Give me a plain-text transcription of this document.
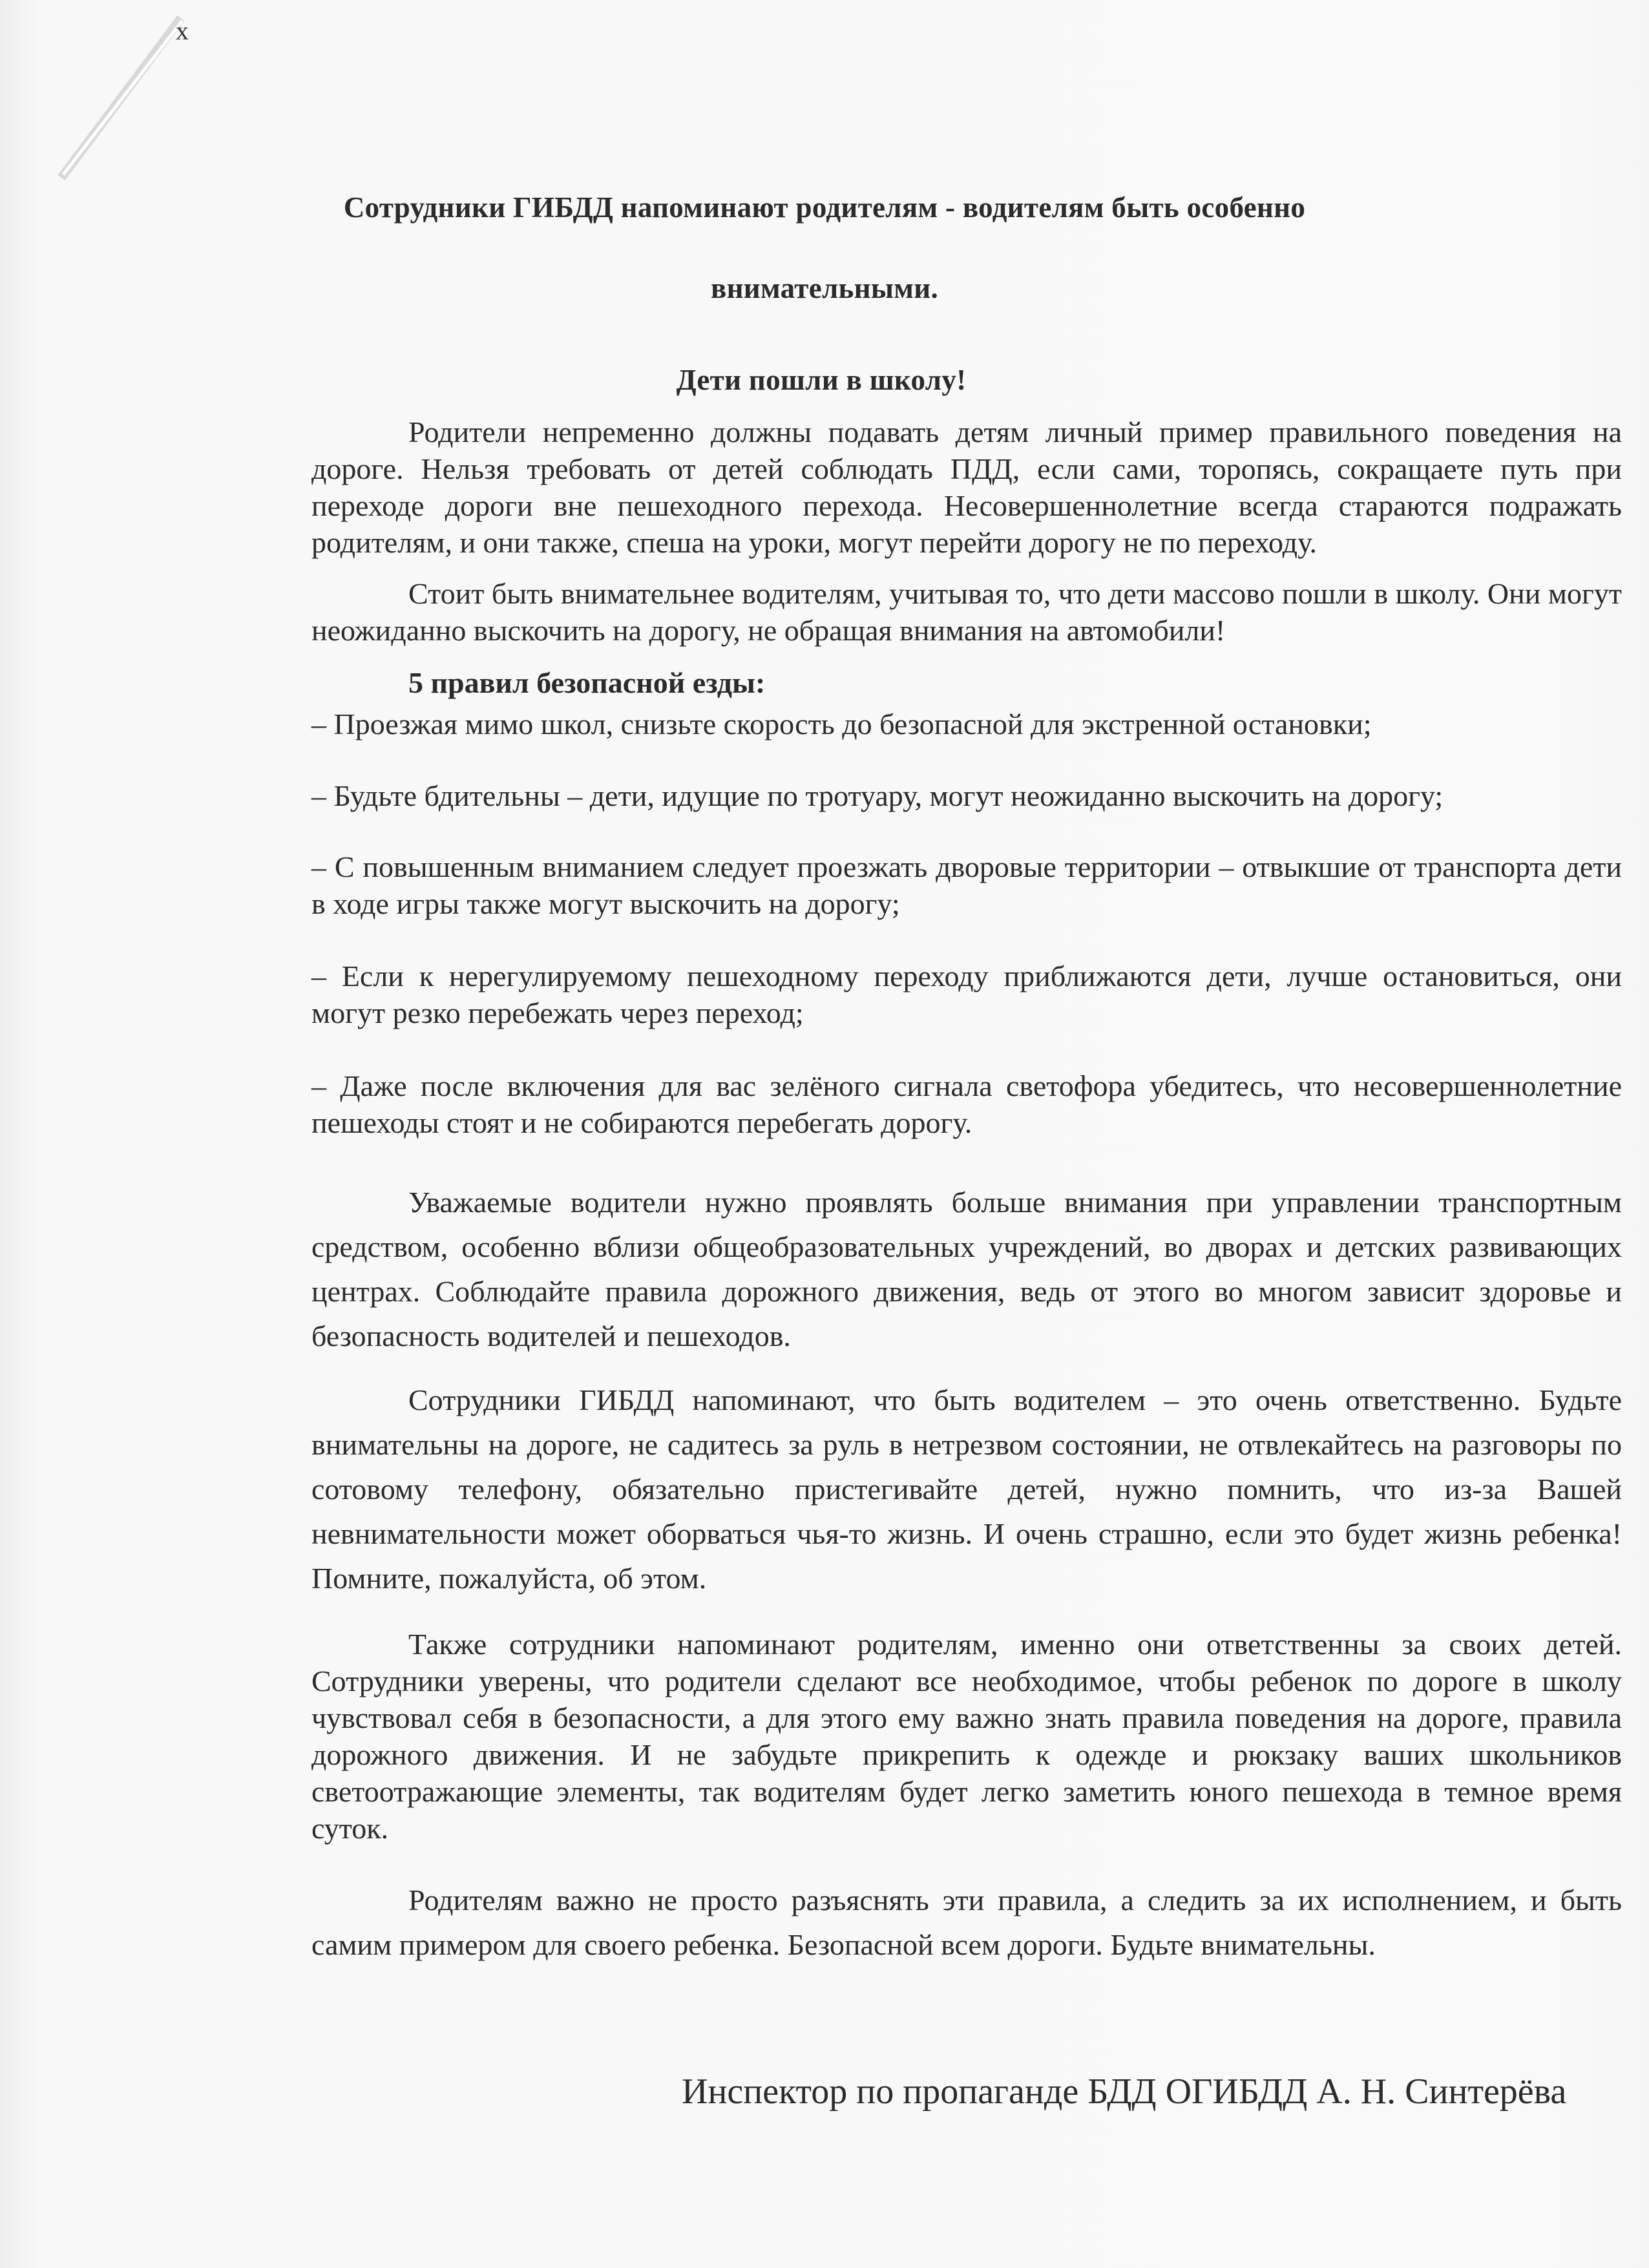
x
Сотрудники ГИБДД напоминают родителям - водителям быть особенно
внимательными.
Дети пошли в школу!
Родители непременно должны подавать детям личный пример правильного поведения на дороге. Нельзя требовать от детей соблюдать ПДД, если сами, торопясь, сокращаете путь при переходе дороги вне пешеходного перехода. Несовершеннолетние всегда стараются подражать родителям, и они также, спеша на уроки, могут перейти дорогу не по переходу.
Стоит быть внимательнее водителям, учитывая то, что дети массово пошли в школу. Они могут неожиданно выскочить на дорогу, не обращая внимания на автомобили!
5 правил безопасной езды:
– Проезжая мимо школ, снизьте скорость до безопасной для экстренной остановки;
– Будьте бдительны – дети, идущие по тротуару, могут неожиданно выскочить на дорогу;
– С повышенным вниманием следует проезжать дворовые территории – отвыкшие от транспорта дети в ходе игры также могут выскочить на дорогу;
– Если к нерегулируемому пешеходному переходу приближаются дети, лучше остановиться, они могут резко перебежать через переход;
– Даже после включения для вас зелёного сигнала светофора убедитесь, что несовершеннолетние пешеходы стоят и не собираются перебегать дорогу.
Уважаемые водители нужно проявлять больше внимания при управлении транспортным средством, особенно вблизи общеобразовательных учреждений, во дворах и детских развивающих центрах. Соблюдайте правила дорожного движения, ведь от этого во многом зависит здоровье и безопасность водителей и пешеходов.
Сотрудники ГИБДД напоминают, что быть водителем – это очень ответственно. Будьте внимательны на дороге, не садитесь за руль в нетрезвом состоянии, не отвлекайтесь на разговоры по сотовому телефону, обязательно пристегивайте детей, нужно помнить, что из-за Вашей невнимательности может оборваться чья-то жизнь. И очень страшно, если это будет жизнь ребенка! Помните, пожалуйста, об этом.
Также сотрудники напоминают родителям, именно они ответственны за своих детей. Сотрудники уверены, что родители сделают все необходимое, чтобы ребенок по дороге в школу чувствовал себя в безопасности, а для этого ему важно знать правила поведения на дороге, правила дорожного движения. И не забудьте прикрепить к одежде и рюкзаку ваших школьников светоотражающие элементы, так водителям будет легко заметить юного пешехода в темное время суток.
Родителям важно не просто разъяснять эти правила, а следить за их исполнением, и быть самим примером для своего ребенка. Безопасной всем дороги. Будьте внимательны.
Инспектор по пропаганде БДД ОГИБДД А. Н. Синтерёва
